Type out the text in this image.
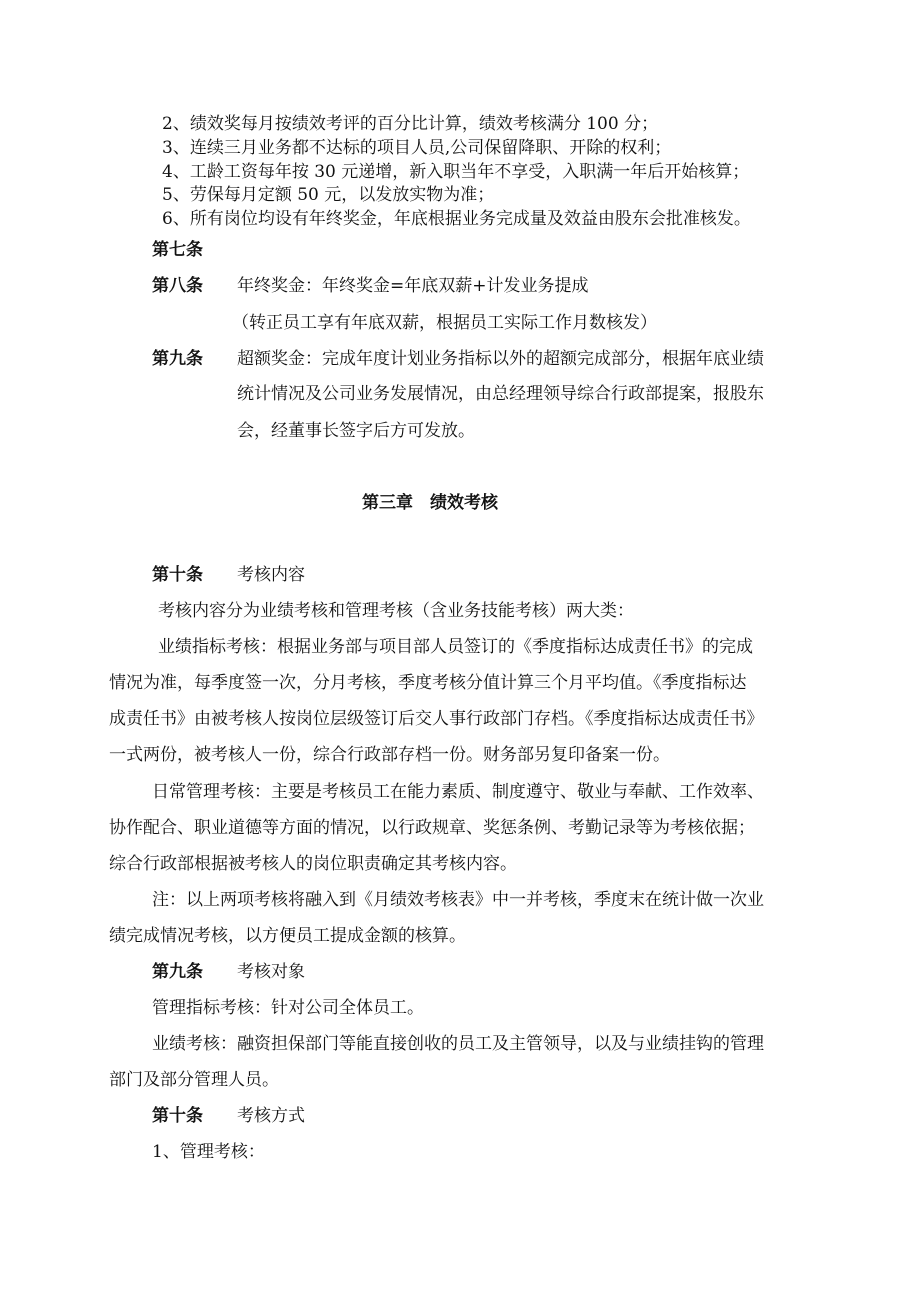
2、绩效奖每月按绩效考评的百分比计算，绩效考核满分 100 分；
3、连续三月业务都不达标的项目人员,公司保留降职、开除的权利；
4、工龄工资每年按 30 元递增，新入职当年不享受，入职满一年后开始核算；
5、劳保每月定额 50 元，以发放实物为准；
6、所有岗位均设有年终奖金，年底根据业务完成量及效益由股东会批准核发。
第七条
第八条 年终奖金：年终奖金=年底双薪+计发业务提成
（转正员工享有年底双薪，根据员工实际工作月数核发）
第九条 超额奖金：完成年度计划业务指标以外的超额完成部分，根据年底业绩
统计情况及公司业务发展情况，由总经理领导综合行政部提案，报股东
会，经董事长签字后方可发放。
第三章　绩效考核
第十条 考核内容
考核内容分为业绩考核和管理考核（含业务技能考核）两大类：
业绩指标考核：根据业务部与项目部人员签订的《季度指标达成责任书》的完成
情况为准，每季度签一次，分月考核，季度考核分值计算三个月平均值。《季度指标达
成责任书》由被考核人按岗位层级签订后交人事行政部门存档。《季度指标达成责任书》
一式两份，被考核人一份，综合行政部存档一份。财务部另复印备案一份。
日常管理考核：主要是考核员工在能力素质、制度遵守、敬业与奉献、工作效率、
协作配合、职业道德等方面的情况，以行政规章、奖惩条例、考勤记录等为考核依据；
综合行政部根据被考核人的岗位职责确定其考核内容。
注：以上两项考核将融入到《月绩效考核表》中一并考核，季度末在统计做一次业
绩完成情况考核，以方便员工提成金额的核算。
第九条 考核对象
管理指标考核：针对公司全体员工。
业绩考核：融资担保部门等能直接创收的员工及主管领导，以及与业绩挂钩的管理
部门及部分管理人员。
第十条 考核方式
1、管理考核：
